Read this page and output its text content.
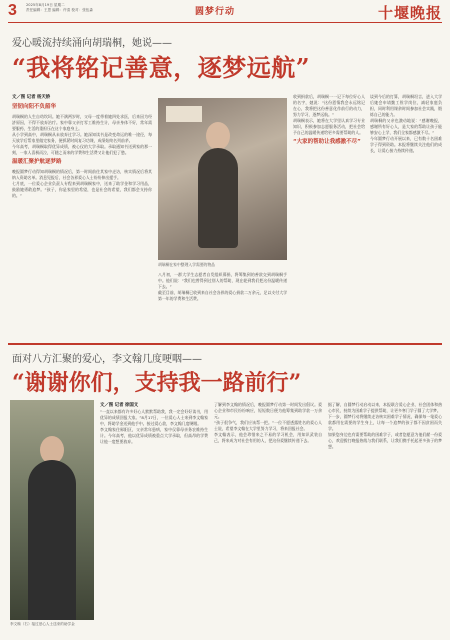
3	2025年8月19日 星期二
责任编辑：王思 编辑：许清 校对：张伍森	圆梦行动	十堰晚报
爱心暖流持续涌向胡瑞桐，她说——
“我将铭记善意，逐梦远航”
文／图 记者 杨天娇
坚韧向阳不负韶华

胡瑞桐的人生自幼坎坷。她不满两岁时，父母一度带着她四处求医，后来因为经济原因，不得不放弃治疗。家中靠父亲打零工维持生计，母亲身体不好，常年需要服药，生活的重担压在这个家庭身上。

从小学到高中，胡瑞桐从未放弃过学习。她深知读书是改变命运的唯一途径，每天放学后帮家里做完家务，便抓紧时间复习功课，成绩始终名列前茅。

今年高考，胡瑞桐取得优异成绩，被心仪的大学录取。录取通知书送到家的那一刻，一家人喜极而泣，可随之而来的学费和生活费又让他们犯了愁。

温暖汇聚护航逐梦路

晚报圆梦行动得知胡瑞桐的情况后，第一时间前往其家中走访，核实情况后将其纳入资助名单。消息见报后，社会各界爱心人士纷纷伸出援手。

七月底，一位爱心企业负责人专程来到胡瑞桐家中，送来了助学金和学习用品，鼓励她勇敢追梦。“孩子，你是家里的希望，也是社会的希望，我们都会支持你的。”

胡瑞桐在家中整理入学需要的物品

八月初，一群大学生志愿者自发组织募捐，将筹集到的善款交到胡瑞桐手中。他们说：“我们也曾得到过别人的帮助，现在轮到我们把这份温暖传递下去。”

截至目前，胡瑞桐已收到来自社会各界的爱心捐款二万余元，足以支付大学第一年的学费和生活费。

收到捐款后，胡瑞桐一一记下每位好心人的名字，她说：“这份恩情我会永远铭记在心，我将把这份善意化作前行的动力，努力学习，逐梦远航。”

胡瑞桐表示，她将在大学里认真学习专业知识，积极参加志愿服务活动，把社会给予自己的温暖传递给更多需要帮助的人。

“大家的帮助让我感激不尽”

谈到今后的打算，胡瑞桐坦言，进入大学后她会申请勤工俭学岗位，减轻家庭负担，同时利用课余时间参加社会实践，锻炼自己的能力。

胡瑞桐的父亲也激动地说：“感谢晚报，感谢所有好心人，是大家的帮助让孩子能够安心上学，我们全家都感激不尽。”

今年圆梦行动开展以来，已有数十名困难学子得到资助。本报将继续关注他们的成长，让爱心接力持续传递。

面对八方汇聚的爱心，李文翰几度哽咽——
“谢谢你们，支持我一路前行”
李文翰（右）接过爱心人士送来的助学金
文／图 记者 徐国文

“一直以来都有许多好心人默默帮助我，我一定会好好读书，用优异的成绩回报大家。”8月17日，一位爱心人士来到李文翰家中，将助学金送到他手中。接过爱心款，李文翰几度哽咽。

李文翰家住郧阳区，父亲常年患病，家中仅靠母亲务农维持生计。今年高考，他以优异成绩被重点大学录取，但高昂的学费让他一度想要放弃。

了解到李文翰的情况后，晚报圆梦行动第一时间发出倡议。爱心企业和市民纷纷响应，短短数日便为他筹集到助学款一万余元。

“孩子很争气，我们应该帮一把。”一位不愿透露姓名的爱心人士说，希望李文翰在大学里努力学习，将来回报社会。

李文翰表示，他会珍惜来之不易的学习机会，用知识武装自己，将来成为对社会有用的人，把这份爱继续传递下去。

据了解，自圆梦行动启动以来，本报联合爱心企业、社会团体和热心市民，持续为困难学子提供帮助，让更多寒门学子圆了大学梦。

下一步，圆梦行动将继续走访核实困难学子情况，确保每一笔爱心款都用在需要的学生身上，让每一个追梦的孩子都不因贫困而失学。

如果您身边也有需要帮助的困难学子，或者您愿意为他们献一份爱心，欢迎拨打晚报热线与我们联系，让我们携手托起更多孩子的梦想。
